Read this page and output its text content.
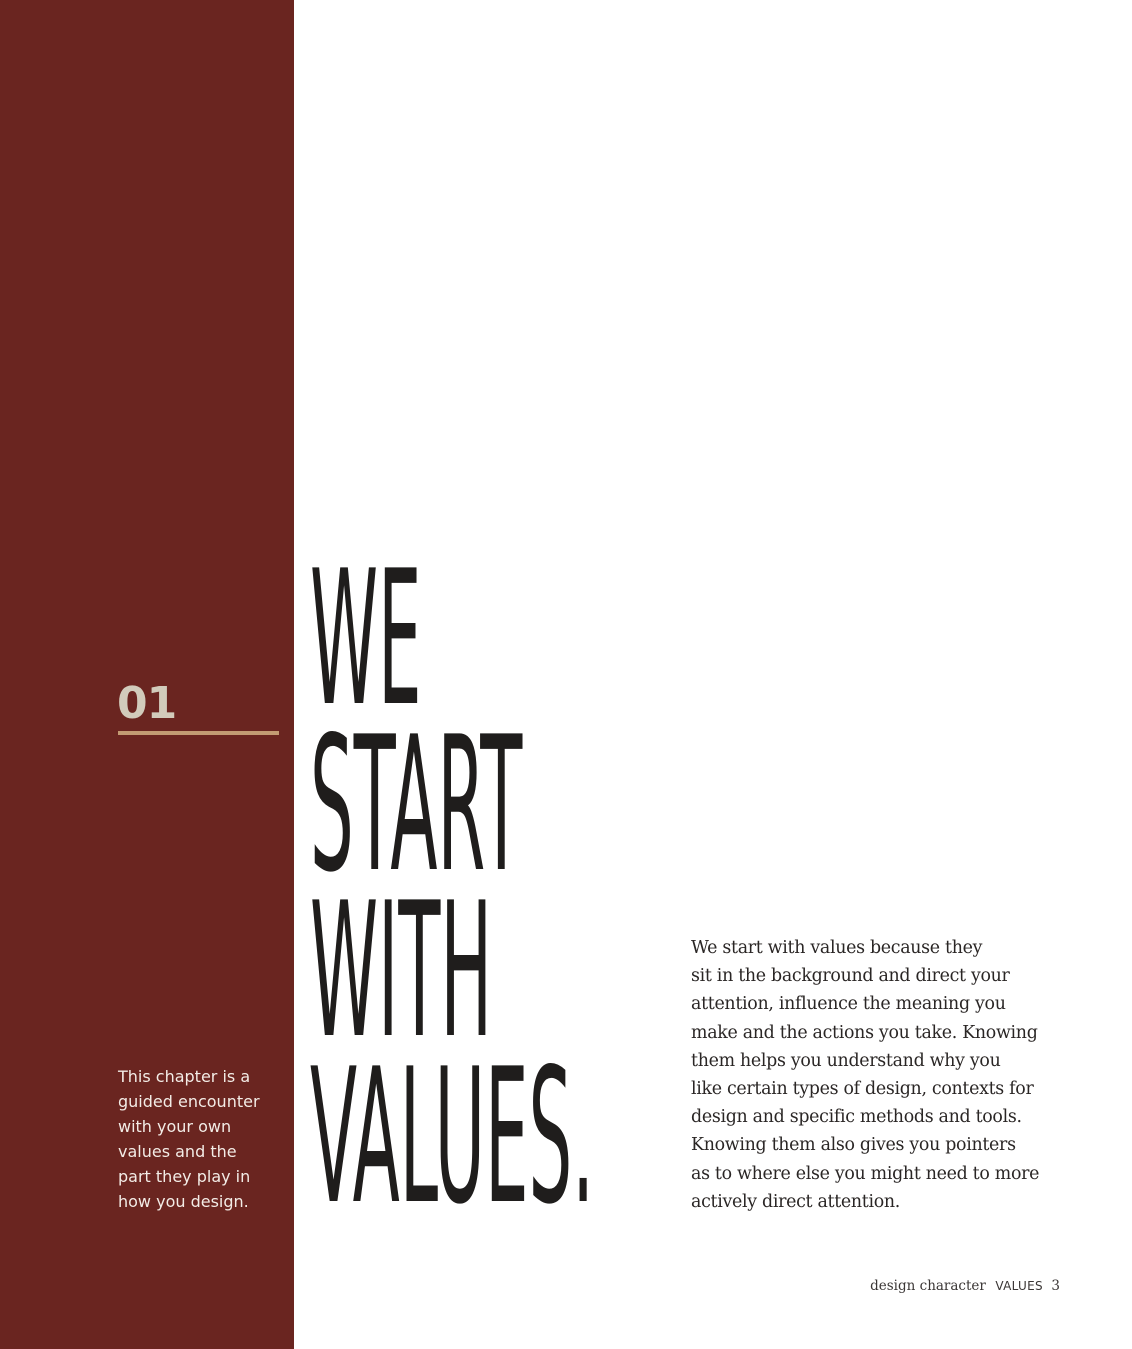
01

This chapter is a
guided encounter
with your own
values and the
part they play in
how you design.

WE
START
WITH
VALUES.

We start with values because they
sit in the background and direct your
attention, influence the meaning you
make and the actions you take. Knowing
them helps you understand why you
like certain types of design, contexts for
design and specific methods and tools.
Knowing them also gives you pointers
as to where else you might need to more
actively direct attention.

design character VALUES 3
